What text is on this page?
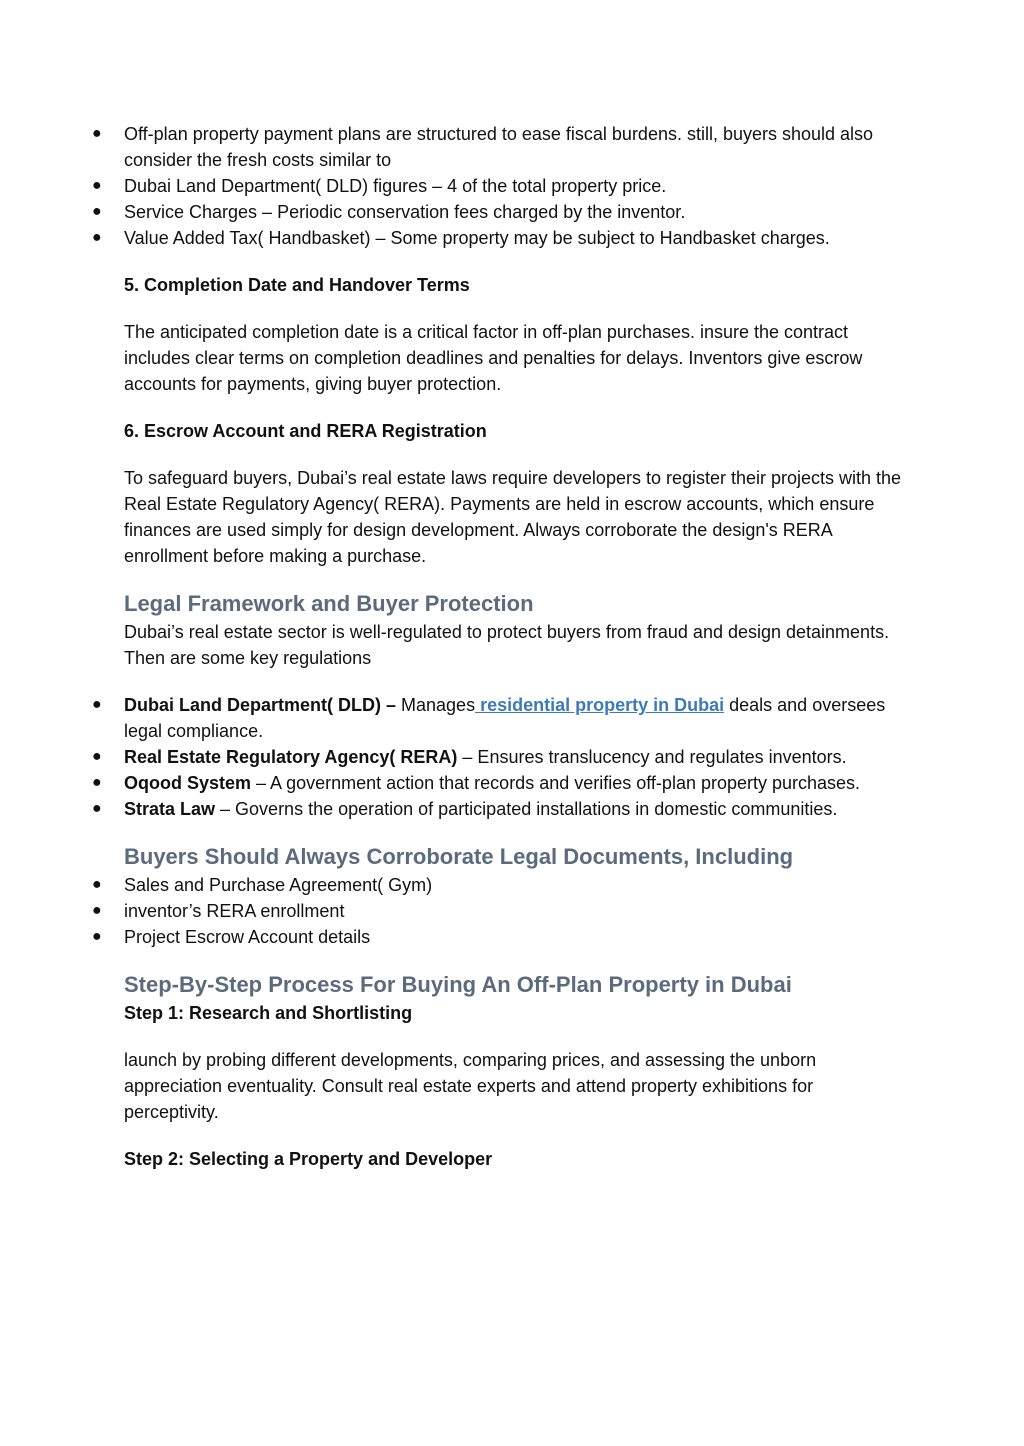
● Off-plan property payment plans are structured to ease fiscal burdens. still, buyers should also consider the fresh costs similar to
● Dubai Land Department( DLD) figures – 4 of the total property price.
● Service Charges – Periodic conservation fees charged by the inventor.
● Value Added Tax( Handbasket) – Some property may be subject to Handbasket charges.

5. Completion Date and Handover Terms

The anticipated completion date is a critical factor in off-plan purchases. insure the contract includes clear terms on completion deadlines and penalties for delays. Inventors give escrow accounts for payments, giving buyer protection.

6. Escrow Account and RERA Registration

To safeguard buyers, Dubai’s real estate laws require developers to register their projects with the Real Estate Regulatory Agency( RERA). Payments are held in escrow accounts, which ensure finances are used simply for design development. Always corroborate the design's RERA enrollment before making a purchase.

Legal Framework and Buyer Protection

Dubai’s real estate sector is well-regulated to protect buyers from fraud and design detainments. Then are some key regulations

● Dubai Land Department( DLD) – Manages residential property in Dubai deals and oversees legal compliance.
● Real Estate Regulatory Agency( RERA) – Ensures translucency and regulates inventors.
● Oqood System – A government action that records and verifies off-plan property purchases.
● Strata Law – Governs the operation of participated installations in domestic communities.

Buyers Should Always Corroborate Legal Documents, Including

● Sales and Purchase Agreement( Gym)
● inventor’s RERA enrollment
● Project Escrow Account details

Step-By-Step Process For Buying An Off-Plan Property in Dubai

Step 1: Research and Shortlisting

launch by probing different developments, comparing prices, and assessing the unborn appreciation eventuality. Consult real estate experts and attend property exhibitions for perceptivity.

Step 2: Selecting a Property and Developer
